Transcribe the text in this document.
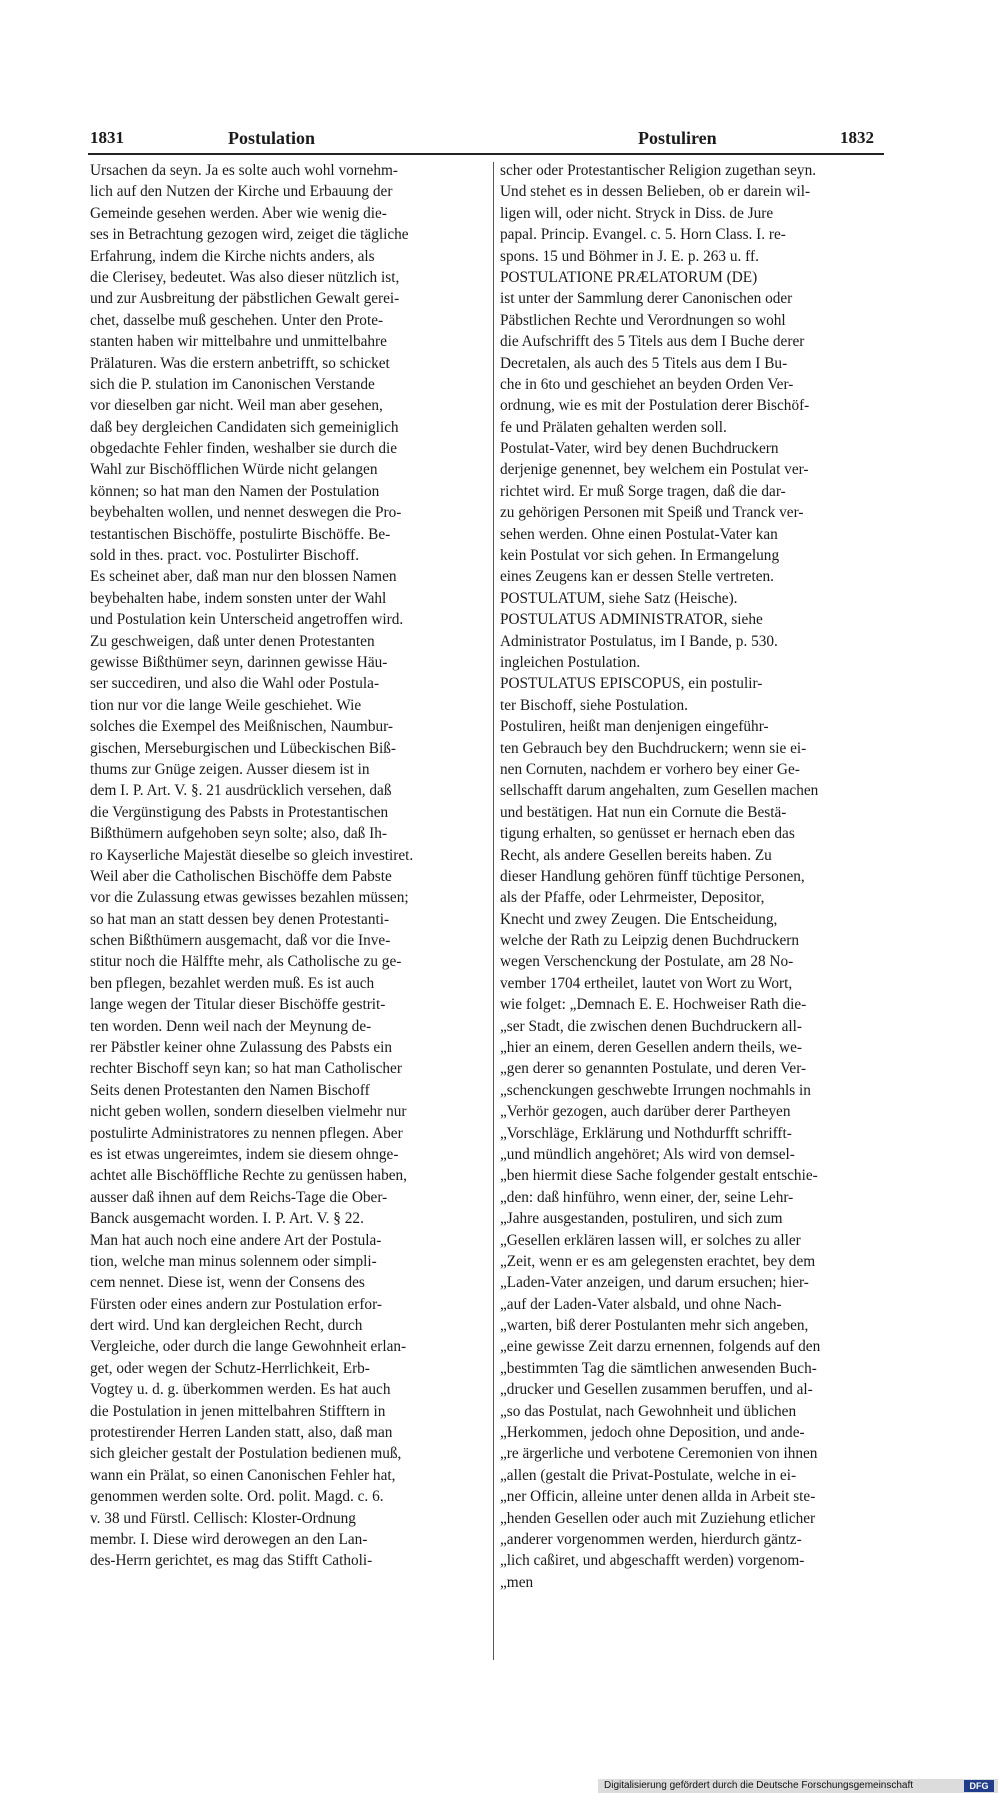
1831	Postulation	Postuliren	1832
Ursachen da seyn. Ja es solte auch wohl vornehm-
lich auf den Nutzen der Kirche und Erbauung der
Gemeinde gesehen werden. Aber wie wenig die-
ses in Betrachtung gezogen wird, zeiget die tägliche
Erfahrung, indem die Kirche nichts anders, als
die Clerisey, bedeutet. Was also dieser nützlich ist,
und zur Ausbreitung der päbstlichen Gewalt gerei-
chet, dasselbe muß geschehen. Unter den Prote-
stanten haben wir mittelbahre und unmittelbahre
Prälaturen. Was die erstern anbetrifft, so schicket
sich die P. stulation im Canonischen Verstande
vor dieselben gar nicht. Weil man aber gesehen,
daß bey dergleichen Candidaten sich gemeiniglich
obgedachte Fehler finden, weshalber sie durch die
Wahl zur Bischöfflichen Würde nicht gelangen
können; so hat man den Namen der Postulation
beybehalten wollen, und nennet deswegen die Pro-
testantischen Bischöffe, postulirte Bischöffe. Be-
sold in thes. pract. voc. Postulirter Bischoff.
Es scheinet aber, daß man nur den blossen Namen
beybehalten habe, indem sonsten unter der Wahl
und Postulation kein Unterscheid angetroffen wird.
Zu geschweigen, daß unter denen Protestanten
gewisse Bißthümer seyn, darinnen gewisse Häu-
ser succediren, und also die Wahl oder Postula-
tion nur vor die lange Weile geschiehet. Wie
solches die Exempel des Meißnischen, Naumbur-
gischen, Merseburgischen und Lübeckischen Biß-
thums zur Gnüge zeigen. Ausser diesem ist in
dem I. P. Art. V. §. 21 ausdrücklich versehen, daß
die Vergünstigung des Pabsts in Protestantischen
Bißthümern aufgehoben seyn solte; also, daß Ih-
ro Kayserliche Majestät dieselbe so gleich investiret.
Weil aber die Catholischen Bischöffe dem Pabste
vor die Zulassung etwas gewisses bezahlen müssen;
so hat man an statt dessen bey denen Protestanti-
schen Bißthümern ausgemacht, daß vor die Inve-
stitur noch die Hälffte mehr, als Catholische zu ge-
ben pflegen, bezahlet werden muß. Es ist auch
lange wegen der Titular dieser Bischöffe gestrit-
ten worden. Denn weil nach der Meynung de-
rer Päbstler keiner ohne Zulassung des Pabsts ein
rechter Bischoff seyn kan; so hat man Catholischer
Seits denen Protestanten den Namen Bischoff
nicht geben wollen, sondern dieselben vielmehr nur
postulirte Administratores zu nennen pflegen. Aber
es ist etwas ungereimtes, indem sie diesem ohnge-
achtet alle Bischöffliche Rechte zu genüssen haben,
ausser daß ihnen auf dem Reichs-Tage die Ober-
Banck ausgemacht worden. I. P. Art. V. § 22.
Man hat auch noch eine andere Art der Postula-
tion, welche man minus solennem oder simpli-
cem nennet. Diese ist, wenn der Consens des
Fürsten oder eines andern zur Postulation erfor-
dert wird. Und kan dergleichen Recht, durch
Vergleiche, oder durch die lange Gewohnheit erlan-
get, oder wegen der Schutz-Herrlichkeit, Erb-
Vogtey u. d. g. überkommen werden. Es hat auch
die Postulation in jenen mittelbahren Stifftern in
protestirender Herren Landen statt, also, daß man
sich gleicher gestalt der Postulation bedienen muß,
wann ein Prälat, so einen Canonischen Fehler hat,
genommen werden solte. Ord. polit. Magd. c. 6.
v. 38 und Fürstl. Cellisch: Kloster-Ordnung
membr. I. Diese wird derowegen an den Lan-
des-Herrn gerichtet, es mag das Stifft Catholi-
scher oder Protestantischer Religion zugethan seyn.
Und stehet es in dessen Belieben, ob er darein wil-
ligen will, oder nicht. Stryck in Diss. de Jure
papal. Princip. Evangel. c. 5. Horn Class. I. re-
spons. 15 und Böhmer in J. E. p. 263 u. ff.
POSTULATIONE PRÆLATORUM (DE)
ist unter der Sammlung derer Canonischen oder
Päbstlichen Rechte und Verordnungen so wohl
die Aufschrifft des 5 Titels aus dem I Buche derer
Decretalen, als auch des 5 Titels aus dem I Bu-
che in 6to und geschiehet an beyden Orden Ver-
ordnung, wie es mit der Postulation derer Bischöf-
fe und Prälaten gehalten werden soll.
Postulat-Vater, wird bey denen Buchdruckern
derjenige genennet, bey welchem ein Postulat ver-
richtet wird. Er muß Sorge tragen, daß die dar-
zu gehörigen Personen mit Speiß und Tranck ver-
sehen werden. Ohne einen Postulat-Vater kan
kein Postulat vor sich gehen. In Ermangelung
eines Zeugens kan er dessen Stelle vertreten.
POSTULATUM, siehe Satz (Heische).
POSTULATUS ADMINISTRATOR, siehe
Administrator Postulatus, im I Bande, p. 530.
ingleichen Postulation.
POSTULATUS EPISCOPUS, ein postulir-
ter Bischoff, siehe Postulation.
Postuliren, heißt man denjenigen eingeführ-
ten Gebrauch bey den Buchdruckern; wenn sie ei-
nen Cornuten, nachdem er vorhero bey einer Ge-
sellschafft darum angehalten, zum Gesellen machen
und bestätigen. Hat nun ein Cornute die Bestä-
tigung erhalten, so genüsset er hernach eben das
Recht, als andere Gesellen bereits haben. Zu
dieser Handlung gehören fünff tüchtige Personen,
als der Pfaffe, oder Lehrmeister, Depositor,
Knecht und zwey Zeugen. Die Entscheidung,
welche der Rath zu Leipzig denen Buchdruckern
wegen Verschenckung der Postulate, am 28 No-
vember 1704 ertheilet, lautet von Wort zu Wort,
wie folget: „Demnach E. E. Hochweiser Rath die-
„ser Stadt, die zwischen denen Buchdruckern all-
„hier an einem, deren Gesellen andern theils, we-
„gen derer so genannten Postulate, und deren Ver-
„schenckungen geschwebte Irrungen nochmahls in
„Verhör gezogen, auch darüber derer Partheyen
„Vorschläge, Erklärung und Nothdurfft schrifft-
„und mündlich angehöret; Als wird von demsel-
„ben hiermit diese Sache folgender gestalt entschie-
„den: daß hinführo, wenn einer, der, seine Lehr-
„Jahre ausgestanden, postuliren, und sich zum
„Gesellen erklären lassen will, er solches zu aller
„Zeit, wenn er es am gelegensten erachtet, bey dem
„Laden-Vater anzeigen, und darum ersuchen; hier-
„auf der Laden-Vater alsbald, und ohne Nach-
„warten, biß derer Postulanten mehr sich angeben,
„eine gewisse Zeit darzu ernennen, folgends auf den
„bestimmten Tag die sämtlichen anwesenden Buch-
„drucker und Gesellen zusammen beruffen, und al-
„so das Postulat, nach Gewohnheit und üblichen
„Herkommen, jedoch ohne Deposition, und ande-
„re ärgerliche und verbotene Ceremonien von ihnen
„allen (gestalt die Privat-Postulate, welche in ei-
„ner Officin, alleine unter denen allda in Arbeit ste-
„henden Gesellen oder auch mit Zuziehung etlicher
„anderer vorgenommen werden, hierdurch gäntz-
„lich caßiret, und abgeschafft werden) vorgenom-
„men
Digitalisierung gefördert durch die Deutsche Forschungsgemeinschaft	DFG
